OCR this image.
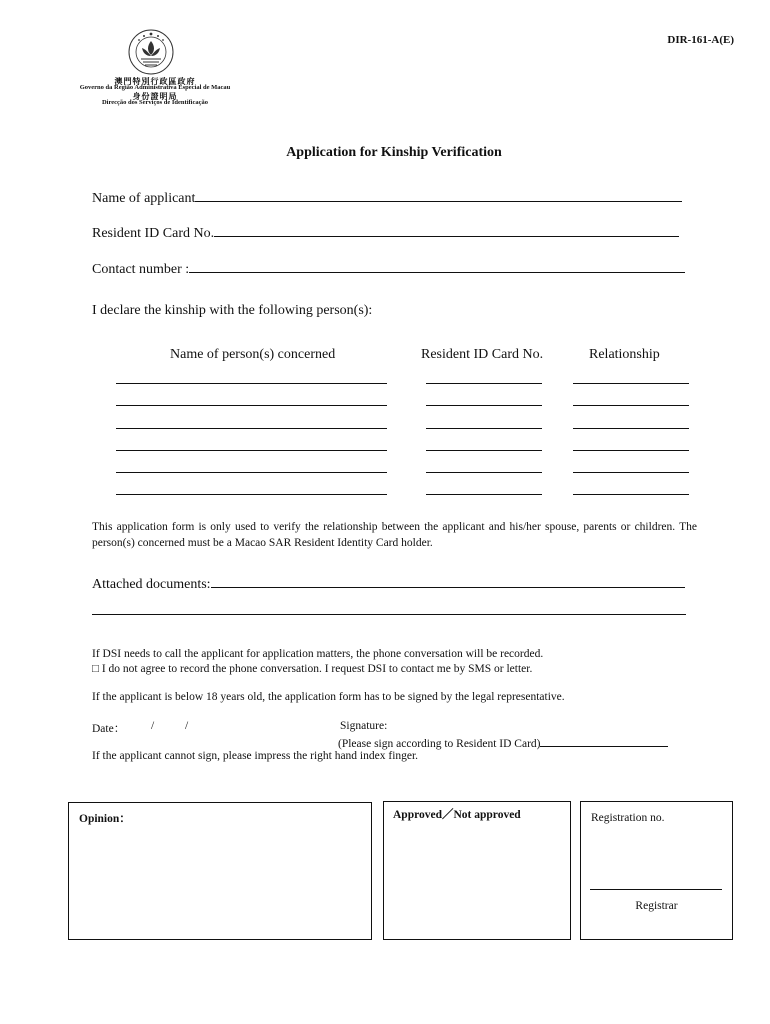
DIR-161-A(E)
澳門特別行政區政府
Governo da Região Administrativa Especial de Macau
身份證明局
Direcção dos Serviços de Identificação
Application for Kinship Verification
Name of applicant
Resident ID Card No.
Contact number :
I declare the kinship with the following person(s):
Name of person(s) concerned	Resident ID Card No.	Relationship
This application form is only used to verify the relationship between the applicant and his/her spouse, parents or children. The person(s) concerned must be a Macao SAR Resident Identity Card holder.
Attached documents:
If DSI needs to call the applicant for application matters, the phone conversation will be recorded.
□ I do not agree to record the phone conversation. I request DSI to contact me by SMS or letter.
If the applicant is below 18 years old, the application form has to be signed by the legal representative.
Date： /	/	Signature:
(Please sign according to Resident ID Card)
If the applicant cannot sign, please impress the right hand index finger.
Opinion：	Approved／Not approved	Registration no.
Registrar
